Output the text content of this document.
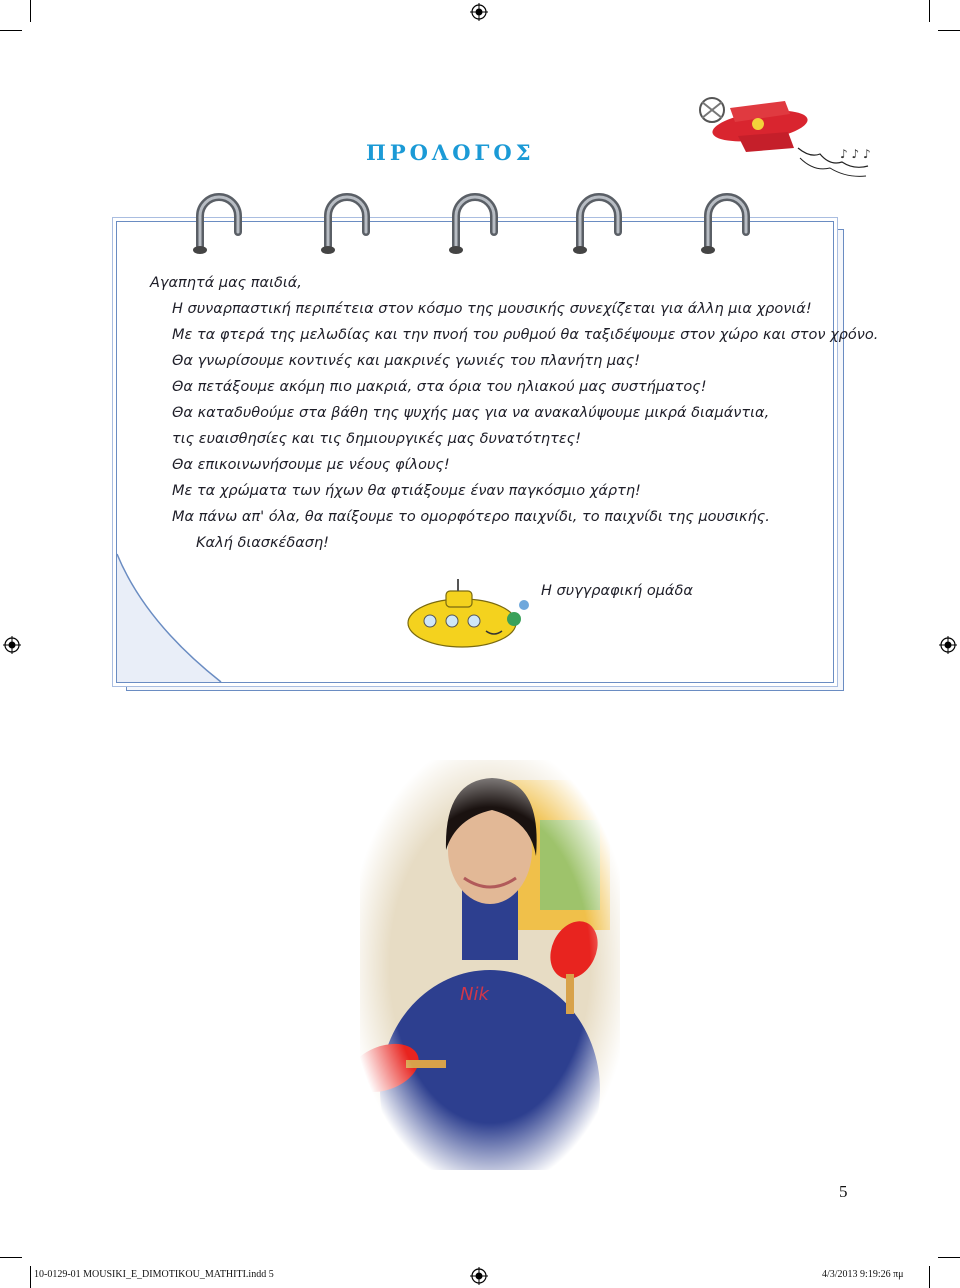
ΠΡΟΛΟΓΟΣ	♪ ♪ ♪
Αγαπητά μας παιδιά,
Η συναρπαστική περιπέτεια στον κόσμο της μουσικής συνεχίζεται για άλλη μια χρονιά!
Με τα φτερά της μελωδίας και την πνοή του ρυθμού θα ταξιδέψουμε στον χώρο και στον χρόνο.
Θα γνωρίσουμε κοντινές και μακρινές γωνιές του πλανήτη μας!
Θα πετάξουμε ακόμη πιο μακριά, στα όρια του ηλιακού μας συστήματος!
Θα καταδυθούμε στα βάθη της ψυχής μας για να ανακαλύψουμε μικρά διαμάντια,
τις ευαισθησίες και τις δημιουργικές μας δυνατότητες!
Θα επικοινωνήσουμε με νέους φίλους!
Με τα χρώματα των ήχων θα φτιάξουμε έναν παγκόσμιο χάρτη!
Μα πάνω απ' όλα, θα παίξουμε το ομορφότερο παιχνίδι, το παιχνίδι της μουσικής.
Καλή διασκέδαση!
Η συγγραφική ομάδα
5
10-0129-01 MOUSIKI_E_DIMOTIKOU_MATHITI.indd 5	4/3/2013 9:19:26 πμ
